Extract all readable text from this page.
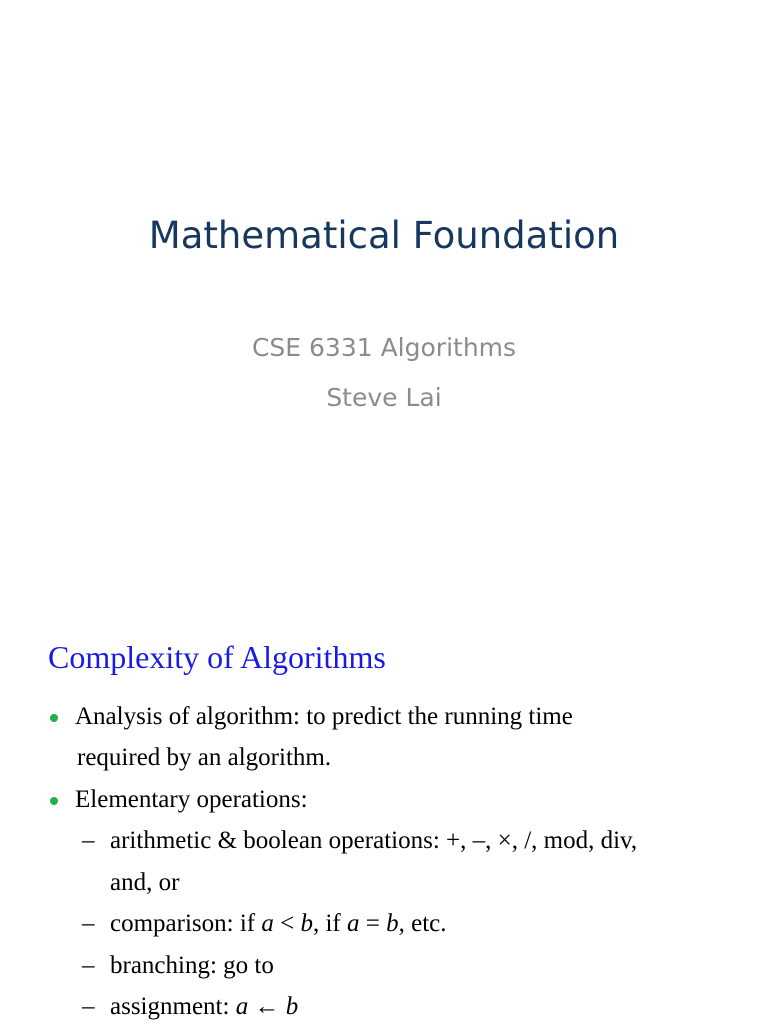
Mathematical Foundation
CSE 6331 Algorithms
Steve Lai
Complexity of Algorithms
Analysis of algorithm: to predict the running time
required by an algorithm.
Elementary operations:
– arithmetic & boolean operations: +, –, ×, /, mod, div,
and, or
– comparison: if a < b, if a = b, etc.
– branching: go to
– assignment: a ← b
